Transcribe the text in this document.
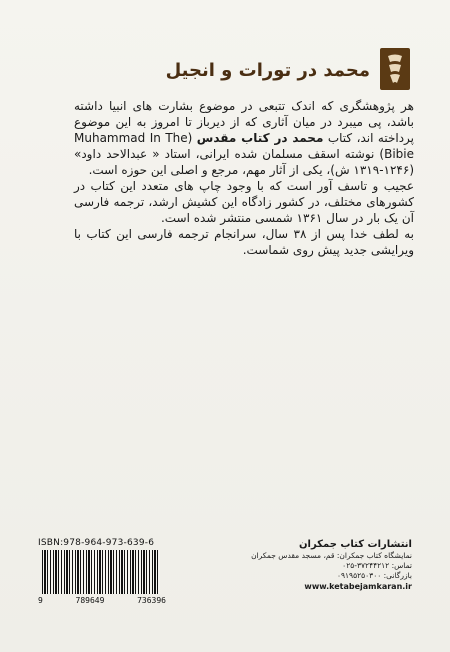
محمد در تورات و انجیل

هر پژوهشگری که اندک تتبعی در موضوع بشارت های انبیا داشته باشد، پی میبرد در میان آثاری که از دیرباز تا امروز به این موضوع پرداخته اند، کتاب محمد در کتاب مقدس (Muhammad In The Bibie) نوشته اسقف مسلمان شده ایرانی، استاد « عبدالاحد داود» (۱۲۴۶-۱۳۱۹ ش)، یکی از آثار مهم، مرجع و اصلی این حوزه است.

عجیب و تاسف آور است که با وجود چاپ های متعدد این کتاب در کشورهای مختلف، در کشور زادگاه این کشیش ارشد، ترجمه فارسی آن یک بار در سال ۱۳۶۱ شمسی منتشر شده است.

به لطف خدا پس از ۳۸ سال، سرانجام ترجمه فارسی این کتاب با ویرایشی جدید پیش روی شماست.

ISBN:978-964-973-639-6
9	789649	736396
انتشارات کتاب جمکران
نمایشگاه کتاب جمکران: قم، مسجد مقدس جمکران
تماس: ۳۷۲۴۴۲۱۲-۰۲۵
بازرگانی: ۰۹۱۹۵۲۵۰۳۰۰
www.ketabejamkaran.ir
